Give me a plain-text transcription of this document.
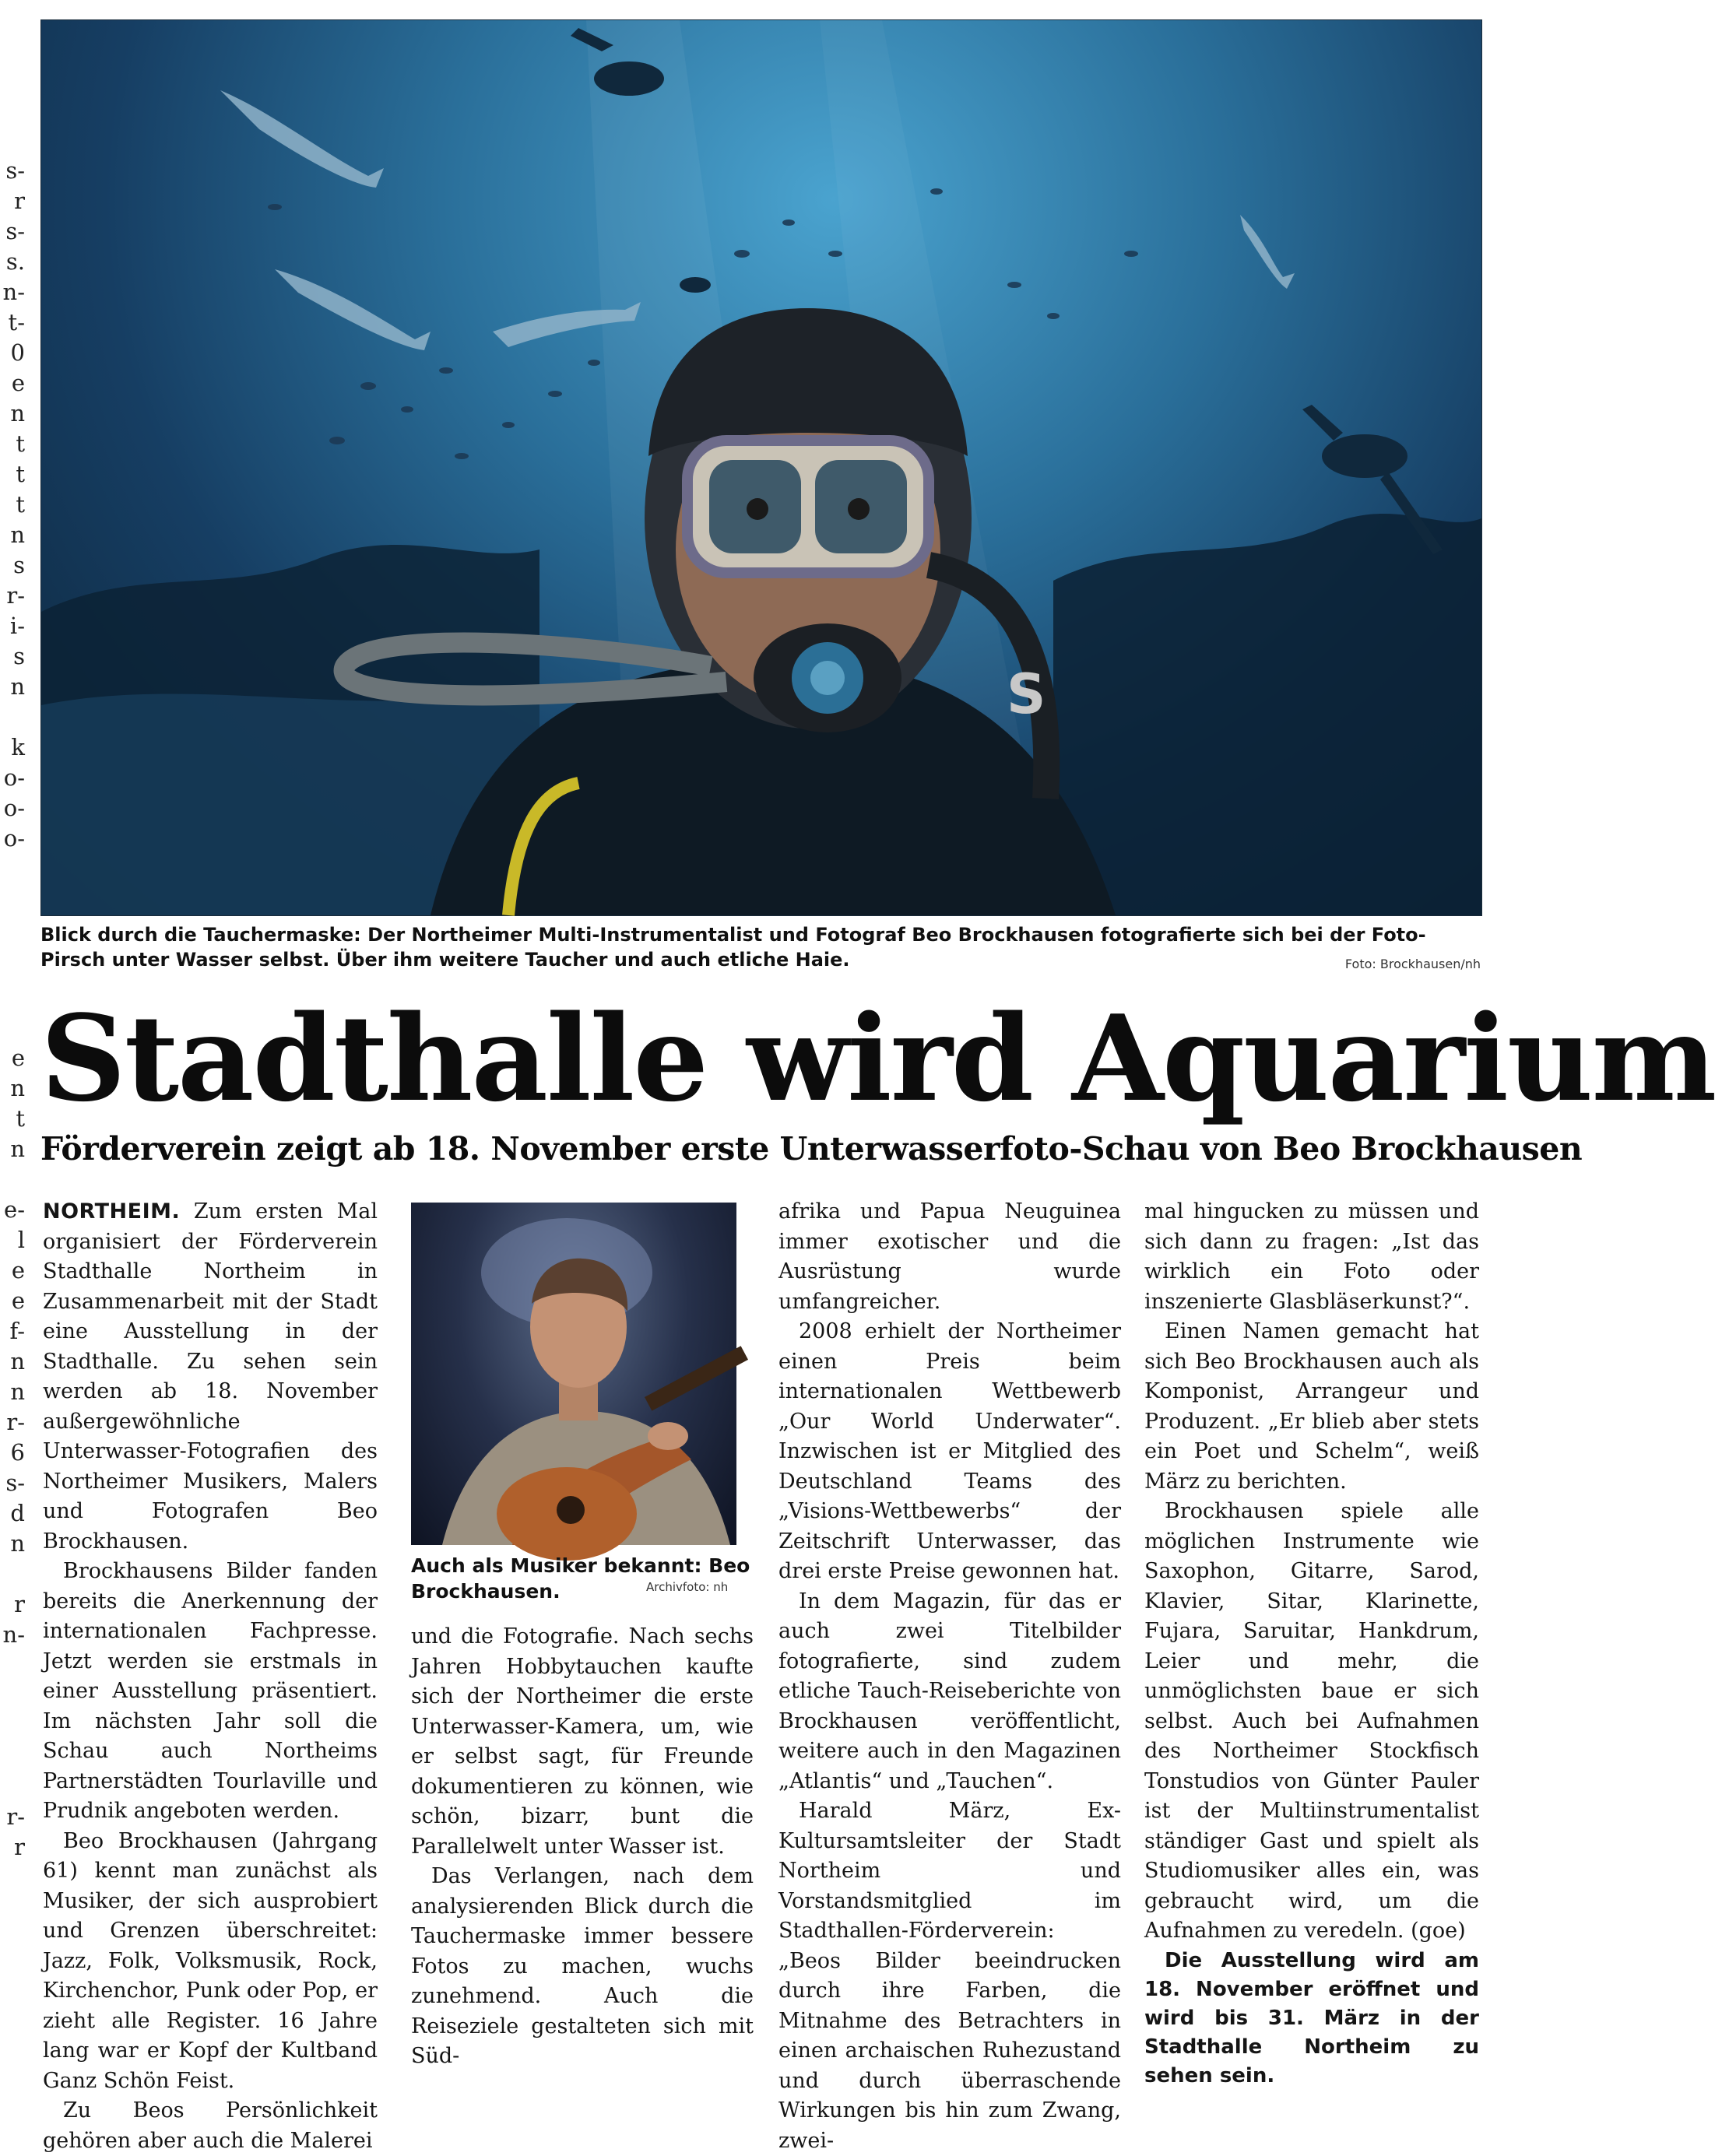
s-
r
s-
s.
n-
t-
0
e
n
t
t
t
n
s
r-
i-
s
n

k
o-
o-
o-
e
n
t
n

e-
l
e
e
f-
n
n
r-
6
s-
d
n

r
n-

r-
r
S
Blick durch die Tauchermaske: Der Northeimer Multi-Instrumentalist und Fotograf Beo Brockhausen fotografierte sich bei der Foto-Pirsch unter Wasser selbst. Über ihm weitere Taucher und auch etliche Haie.	Foto: Brockhausen/nh
Stadthalle wird Aquarium
Förderverein zeigt ab 18. November erste Unterwasserfoto-Schau von Beo Brockhausen

NORTHEIM. Zum ersten Mal organisiert der Förderverein Stadthalle Northeim in Zusammenarbeit mit der Stadt eine Ausstellung in der Stadthalle. Zu sehen sein werden ab 18. November außergewöhnliche Unterwasser-Fotografien des Northeimer Musikers, Malers und Fotografen Beo Brockhausen.

Brockhausens Bilder fanden bereits die Anerkennung der internationalen Fachpresse. Jetzt werden sie erstmals in einer Ausstellung präsentiert. Im nächsten Jahr soll die Schau auch Northeims Partnerstädten Tourlaville und Prudnik angeboten werden.

Beo Brockhausen (Jahrgang 61) kennt man zunächst als Musiker, der sich ausprobiert und Grenzen überschreitet: Jazz, Folk, Volksmusik, Rock, Kirchenchor, Punk oder Pop, er zieht alle Register. 16 Jahre lang war er Kopf der Kultband Ganz Schön Feist.

Zu Beos Persönlichkeit gehören aber auch die Malerei

Auch als Musiker bekannt: Beo Brockhausen.	Archivfoto: nh

und die Fotografie. Nach sechs Jahren Hobbytauchen kaufte sich der Northeimer die erste Unterwasser-Kamera, um, wie er selbst sagt, für Freunde dokumentieren zu können, wie schön, bizarr, bunt die Parallelwelt unter Wasser ist.

Das Verlangen, nach dem analysierenden Blick durch die Tauchermaske immer bessere Fotos zu machen, wuchs zunehmend. Auch die Reiseziele gestalteten sich mit Süd-

afrika und Papua Neuguinea immer exotischer und die Ausrüstung wurde umfangreicher.

2008 erhielt der Northeimer einen Preis beim internationalen Wettbewerb „Our World Underwater“. Inzwischen ist er Mitglied des Deutschland Teams des „Visions-Wettbewerbs“ der Zeitschrift Unterwasser, das drei erste Preise gewonnen hat.

In dem Magazin, für das er auch zwei Titelbilder fotografierte, sind zudem etliche Tauch-Reiseberichte von Brockhausen veröffentlicht, weitere auch in den Magazinen „Atlantis“ und „Tauchen“.

Harald März, Ex-Kultursamtsleiter der Stadt Northeim und Vorstandsmitglied im Stadthallen-Förderverein: „Beos Bilder beeindrucken durch ihre Farben, die Mitnahme des Betrachters in einen archaischen Ruhezustand und durch überraschende Wirkungen bis hin zum Zwang, zwei-

mal hingucken zu müssen und sich dann zu fragen: „Ist das wirklich ein Foto oder inszenierte Glasbläserkunst?“.

Einen Namen gemacht hat sich Beo Brockhausen auch als Komponist, Arrangeur und Produzent. „Er blieb aber stets ein Poet und Schelm“, weiß März zu berichten.

Brockhausen spiele alle möglichen Instrumente wie Saxophon, Gitarre, Sarod, Klavier, Sitar, Klarinette, Fujara, Saruitar, Hankdrum, Leier und mehr, die unmöglichsten baue er sich selbst. Auch bei Aufnahmen des Northeimer Stockfisch Tonstudios von Günter Pauler ist der Multiinstrumentalist ständiger Gast und spielt als Studiomusiker alles ein, was gebraucht wird, um die Aufnahmen zu veredeln. (goe)

Die Ausstellung wird am 18. November eröffnet und wird bis 31. März in der Stadthalle Northeim zu sehen sein.
